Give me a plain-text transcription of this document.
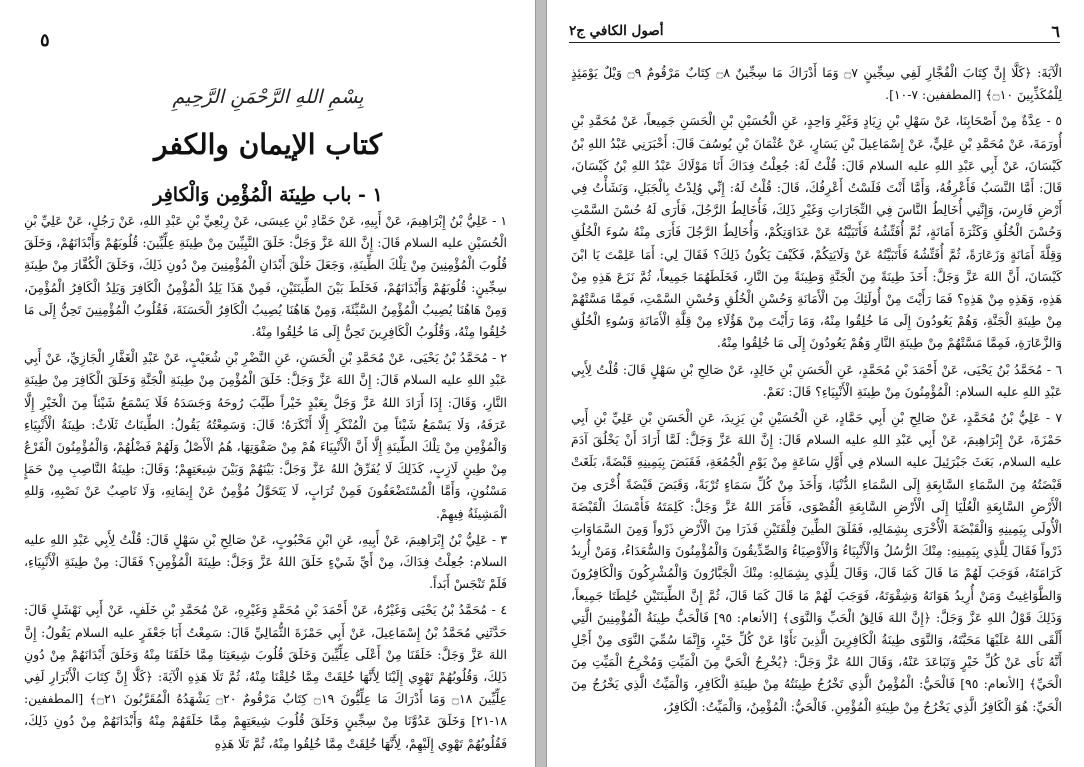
٥
بِسْمِ اللهِ الرَّحْمَنِ الرَّحِيمِ
كتاب الإيمان والكفر
١ - باب طِينَة الْمُؤْمِن وَالْكافِر

١ - عَلِيُّ بْنُ إِبْرَاهِيمَ، عَنْ أَبِيهِ، عَنْ حَمَّادِ بْنِ عِيسَى، عَنْ رِبْعِيِّ بْنِ عَبْدِ اللهِ، عَنْ رَجُلٍ، عَنْ عَلِيِّ بْنِ الْحُسَيْنِ عليه السلام قَالَ: إِنَّ اللهَ عَزَّ وَجَلَّ: خَلَقَ النَّبِيِّينَ مِنْ طِينَةِ عِلِّيِّينَ: قُلُوبَهُمْ وَأَبْدَانَهُمْ، وَخَلَقَ قُلُوبَ الْمُؤْمِنِينَ مِنْ تِلْكَ الطِّينَةِ، وَجَعَلَ خَلْقَ أَبْدَانِ الْمُؤْمِنِينَ مِنْ دُونِ ذَلِكَ، وَخَلَقَ الْكُفَّارَ مِنْ طِينَةِ سِجِّينٍ: قُلُوبَهُمْ وَأَبْدَانَهُمْ، فَخَلَطَ بَيْنَ الطِّينَتَيْنِ، فَمِنْ هَذَا يَلِدُ الْمُؤْمِنُ الْكَافِرَ وَيَلِدُ الْكَافِرُ الْمُؤْمِنَ، وَمِنْ هَاهُنَا يُصِيبُ الْمُؤْمِنُ السَّيِّئَةَ، وَمِنْ هَاهُنَا يُصِيبُ الْكَافِرُ الْحَسَنَةَ، فَقُلُوبُ الْمُؤْمِنِينَ تَحِنُّ إِلَى مَا خُلِقُوا مِنْهُ، وَقُلُوبُ الْكَافِرِينَ تَحِنُّ إِلَى مَا خُلِقُوا مِنْهُ.

٢ - مُحَمَّدُ بْنُ يَحْيَى، عَنْ مُحَمَّدِ بْنِ الْحَسَنِ، عَنِ النَّضْرِ بْنِ شُعَيْبٍ، عَنْ عَبْدِ الْغَفَّارِ الْجَازِيِّ، عَنْ أَبِي عَبْدِ اللهِ عليه السلام قَالَ: إِنَّ اللهَ عَزَّ وَجَلَّ: خَلَقَ الْمُؤْمِنَ مِنْ طِينَةِ الْجَنَّةِ وَخَلَقَ الْكَافِرَ مِنْ طِينَةِ النَّارِ، وَقَالَ: إِذَا أَرَادَ اللهُ عَزَّ وَجَلَّ بِعَبْدٍ خَيْراً طَيَّبَ رُوحَهُ وَجَسَدَهُ فَلَا يَسْمَعُ شَيْئاً مِنَ الْخَيْرِ إِلَّا عَرَفَهُ، وَلَا يَسْمَعُ شَيْئاً مِنَ الْمُنْكَرِ إِلَّا أَنْكَرَهُ؛ قَالَ: وَسَمِعْتُهُ يَقُولُ: الطِّينَاتُ ثَلَاثٌ: طِينَةُ الْأَنْبِيَاءِ وَالْمُؤْمِنِ مِنْ تِلْكَ الطِّينَةِ إِلَّا أَنَّ الْأَنْبِيَاءَ هُمْ مِنْ صَفْوَتِهَا، هُمُ الْأَصْلُ وَلَهُمْ فَضْلُهُمْ، وَالْمُؤْمِنُونَ الْفَرْعُ مِنْ طِينٍ لَازِبٍ، كَذَلِكَ لَا يُفَرِّقُ اللهُ عَزَّ وَجَلَّ: بَيْنَهُمْ وَبَيْنَ شِيعَتِهِمْ؛ وَقَالَ: طِينَةُ النَّاصِبِ مِنْ حَمَإٍ مَسْنُونٍ، وَأَمَّا الْمُسْتَضْعَفُونَ فَمِنْ تُرَابٍ، لَا يَتَحَوَّلُ مُؤْمِنٌ عَنْ إِيمَانِهِ، وَلَا نَاصِبٌ عَنْ نَصْبِهِ، وَللهِ الْمَشِيئَةُ فِيهِمْ.

٣ - عَلِيُّ بْنُ إِبْرَاهِيمَ، عَنْ أَبِيهِ، عَنِ ابْنِ مَحْبُوبٍ، عَنْ صَالِحِ بْنِ سَهْلٍ قَالَ: قُلْتُ لِأَبِي عَبْدِ اللهِ عليه السلام: جُعِلْتُ فِدَاكَ، مِنْ أَيِّ شَيْءٍ خَلَقَ اللهُ عَزَّ وَجَلَّ: طِينَةَ الْمُؤْمِنِ؟ فَقَالَ: مِنْ طِينَةِ الْأَنْبِيَاءِ، فَلَمْ تَنْجَسْ أَبَداً.

٤ - مُحَمَّدُ بْنُ يَحْيَى وَغَيْرُهُ، عَنْ أَحْمَدَ بْنِ مُحَمَّدٍ وَغَيْرِهِ، عَنْ مُحَمَّدِ بْنِ خَلَفٍ، عَنْ أَبِي نَهْشَلٍ قَالَ: حَدَّثَنِي مُحَمَّدُ بْنُ إِسْمَاعِيلَ، عَنْ أَبِي حَمْزَةَ الثُّمَالِيِّ قَالَ: سَمِعْتُ أَبَا جَعْفَرٍ عليه السلام يَقُولُ: إِنَّ اللهَ عَزَّ وَجَلَّ: خَلَقَنَا مِنْ أَعْلَى عِلِّيِّينَ وَخَلَقَ قُلُوبَ شِيعَتِنَا مِمَّا خَلَقَنَا مِنْهُ وَخَلَقَ أَبْدَانَهُمْ مِنْ دُونِ ذَلِكَ، وَقُلُوبُهُمْ تَهْوِي إِلَيْنَا لِأَنَّهَا خُلِقَتْ مِمَّا خُلِقْنَا مِنْهُ، ثُمَّ تَلَا هَذِهِ الْآيَةَ: ﴿كَلَّا إِنَّ كِتَابَ الْأَبْرَارِ لَفِي عِلِّيِّينَ ۝١٨ وَمَا أَدْرَاكَ مَا عِلِّيُّونَ ۝١٩ كِتَابٌ مَرْقُومٌ ۝٢٠ يَشْهَدُهُ الْمُقَرَّبُونَ ۝٢١﴾ [المطففين: ١٨-٢١] وَخَلَقَ عَدُوَّنَا مِنْ سِجِّينٍ وَخَلَقَ قُلُوبَ شِيعَتِهِمْ مِمَّا خَلَقَهُمْ مِنْهُ وَأَبْدَانَهُمْ مِنْ دُونِ ذَلِكَ، فَقُلُوبُهُمْ تَهْوِي إِلَيْهِمْ، لِأَنَّهَا خُلِقَتْ مِمَّا خُلِقُوا مِنْهُ، ثُمَّ تَلَا هَذِهِ

٦
أصول الكافي ج٢

الْآيَةَ: ﴿كَلَّا إِنَّ كِتَابَ الْفُجَّارِ لَفِي سِجِّينٍ ۝٧ وَمَا أَدْرَاكَ مَا سِجِّينٌ ۝٨ كِتَابٌ مَرْقُومٌ ۝٩ وَيْلٌ يَوْمَئِذٍ لِلْمُكَذِّبِينَ ۝١٠﴾ [المطففين: ٧-١٠].

٥ - عِدَّةٌ مِنْ أَصْحَابِنَا، عَنْ سَهْلِ بْنِ زِيَادٍ وَغَيْرِ وَاحِدٍ، عَنِ الْحُسَيْنِ بْنِ الْحَسَنِ جَمِيعاً، عَنْ مُحَمَّدِ بْنِ أُورَمَةَ، عَنْ مُحَمَّدِ بْنِ عَلِيٍّ، عَنْ إِسْمَاعِيلَ بْنِ يَسَارٍ، عَنْ عُثْمَانَ بْنِ يُوسُفَ قَالَ: أَخْبَرَنِي عَبْدُ اللهِ بْنُ كَيْسَانَ، عَنْ أَبِي عَبْدِ اللهِ عليه السلام قَالَ: قُلْتُ لَهُ: جُعِلْتُ فِدَاكَ أَنَا مَوْلَاكَ عَبْدُ اللهِ بْنُ كَيْسَانَ، قَالَ: أَمَّا النَّسَبُ فَأَعْرِفُهُ، وَأَمَّا أَنْتَ فَلَسْتُ أَعْرِفُكَ، قَالَ: قُلْتُ لَهُ: إِنِّي وُلِدْتُ بِالْجَبَلِ، وَنَشَأْتُ فِي أَرْضِ فَارِسَ، وَإِنَّنِي أُخَالِطُ النَّاسَ فِي التِّجَارَاتِ وَغَيْرِ ذَلِكَ، فَأُخَالِطُ الرَّجُلَ، فَأَرَى لَهُ حُسْنَ السَّمْتِ وَحُسْنَ الْخُلُقِ وَكَثْرَةَ أَمَانَةٍ، ثُمَّ أُفَتِّشُهُ فَأَتَبَيَّنُهُ عَنْ عَدَاوَتِكُمْ، وَأُخَالِطُ الرَّجُلَ فَأَرَى مِنْهُ سُوءَ الْخُلُقِ وَقِلَّةَ أَمَانَةٍ وَزَعَارَةً، ثُمَّ أُفَتِّشُهُ فَأَتَبَيَّنُهُ عَنْ وَلَايَتِكُمْ، فَكَيْفَ يَكُونُ ذَلِكَ؟ فَقَالَ لِي: أَمَا عَلِمْتَ يَا ابْنَ كَيْسَانَ، أَنَّ اللهَ عَزَّ وَجَلَّ: أَخَذَ طِينَةً مِنَ الْجَنَّةِ وَطِينَةً مِنَ النَّارِ، فَخَلَطَهُمَا جَمِيعاً، ثُمَّ نَزَعَ هَذِهِ مِنْ هَذِهِ، وَهَذِهِ مِنْ هَذِهِ؟ فَمَا رَأَيْتَ مِنْ أُولَئِكَ مِنَ الْأَمَانَةِ وَحُسْنِ الْخُلُقِ وَحُسْنِ السَّمْتِ، فَمِمَّا مَسَّتْهُمْ مِنْ طِينَةِ الْجَنَّةِ، وَهُمْ يَعُودُونَ إِلَى مَا خُلِقُوا مِنْهُ، وَمَا رَأَيْتَ مِنْ هَؤُلَاءِ مِنْ قِلَّةِ الْأَمَانَةِ وَسُوءِ الْخُلُقِ وَالزَّعَارَةِ، فَمِمَّا مَسَّتْهُمْ مِنْ طِينَةِ النَّارِ وَهُمْ يَعُودُونَ إِلَى مَا خُلِقُوا مِنْهُ.

٦ - مُحَمَّدُ بْنُ يَحْيَى، عَنْ أَحْمَدَ بْنِ مُحَمَّدٍ، عَنِ الْحَسَنِ بْنِ خَالِدٍ، عَنْ صَالِحِ بْنِ سَهْلٍ قَالَ: قُلْتُ لِأَبِي عَبْدِ اللهِ عليه السلام: الْمُؤْمِنُونَ مِنْ طِينَةِ الْأَنْبِيَاءِ؟ قَالَ: نَعَمْ.

٧ - عَلِيُّ بْنُ مُحَمَّدٍ، عَنْ صَالِحِ بْنِ أَبِي حَمَّادٍ، عَنِ الْحُسَيْنِ بْنِ يَزِيدَ، عَنِ الْحَسَنِ بْنِ عَلِيِّ بْنِ أَبِي حَمْزَةَ، عَنْ إِبْرَاهِيمَ، عَنْ أَبِي عَبْدِ اللهِ عليه السلام قَالَ: إِنَّ اللهَ عَزَّ وَجَلَّ: لَمَّا أَرَادَ أَنْ يَخْلُقَ آدَمَ عليه السلام، بَعَثَ جَبْرَئِيلَ عليه السلام فِي أَوَّلِ سَاعَةٍ مِنْ يَوْمِ الْجُمُعَةِ، فَقَبَضَ بِيَمِينِهِ قَبْضَةً، بَلَغَتْ قَبْضَتُهُ مِنَ السَّمَاءِ السَّابِعَةِ إِلَى السَّمَاءِ الدُّنْيَا، وَأَخَذَ مِنْ كُلِّ سَمَاءٍ تُرْبَةً، وَقَبَضَ قَبْضَةً أُخْرَى مِنَ الْأَرْضِ السَّابِعَةِ الْعُلْيَا إِلَى الْأَرْضِ السَّابِعَةِ الْقُصْوَى، فَأَمَرَ اللهُ عَزَّ وَجَلَّ: كَلِمَتَهُ فَأَمْسَكَ الْقَبْضَةَ الْأُولَى بِيَمِينِهِ وَالْقَبْضَةَ الْأُخْرَى بِشِمَالِهِ، فَفَلَقَ الطِّينَ فِلْقَتَيْنِ فَذَرَا مِنَ الْأَرْضِ ذَرْواً وَمِنَ السَّمَاوَاتِ ذَرْواً فَقَالَ لِلَّذِي بِيَمِينِهِ: مِنْكَ الرُّسُلُ وَالْأَنْبِيَاءُ وَالْأَوْصِيَاءُ وَالصِّدِّيقُونَ وَالْمُؤْمِنُونَ وَالسُّعَدَاءُ، وَمَنْ أُرِيدُ كَرَامَتَهُ، فَوَجَبَ لَهُمْ مَا قَالَ كَمَا قَالَ، وَقَالَ لِلَّذِي بِشِمَالِهِ: مِنْكَ الْجَبَّارُونَ وَالْمُشْرِكُونَ وَالْكَافِرُونَ وَالطَّوَاغِيتُ وَمَنْ أُرِيدُ هَوَانَهُ وَشِقْوَتَهُ، فَوَجَبَ لَهُمْ مَا قَالَ كَمَا قَالَ، ثُمَّ إِنَّ الطِّينَتَيْنِ خُلِطَتَا جَمِيعاً، وَذَلِكَ قَوْلُ اللهِ عَزَّ وَجَلَّ: ﴿إِنَّ اللهَ فَالِقُ الْحَبِّ وَالنَّوَى﴾ [الأنعام: ٩٥] فَالْحَبُّ طِينَةُ الْمُؤْمِنِينَ الَّتِي أَلْقَى اللهُ عَلَيْهَا مَحَبَّتَهُ، وَالنَّوَى طِينَةُ الْكَافِرِينَ الَّذِينَ نَأَوْا عَنْ كُلِّ خَيْرٍ، وَإِنَّمَا سُمِّيَ النَّوَى مِنْ أَجْلِ أَنَّهُ نَأَى عَنْ كُلِّ خَيْرٍ وَتَبَاعَدَ عَنْهُ، وَقَالَ اللهُ عَزَّ وَجَلَّ: ﴿يُخْرِجُ الْحَيَّ مِنَ الْمَيِّتِ وَمُخْرِجُ الْمَيِّتِ مِنَ الْحَيِّ﴾ [الأنعام: ٩٥] فَالْحَيُّ: الْمُؤْمِنُ الَّذِي تَخْرُجُ طِينَتُهُ مِنْ طِينَةِ الْكَافِرِ، وَالْمَيِّتُ الَّذِي يَخْرُجُ مِنَ الْحَيِّ: هُوَ الْكَافِرُ الَّذِي يَخْرُجُ مِنْ طِينَةِ الْمُؤْمِنِ. فَالْحَيُّ: الْمُؤْمِنُ، وَالْمَيِّتُ: الْكَافِرُ،
